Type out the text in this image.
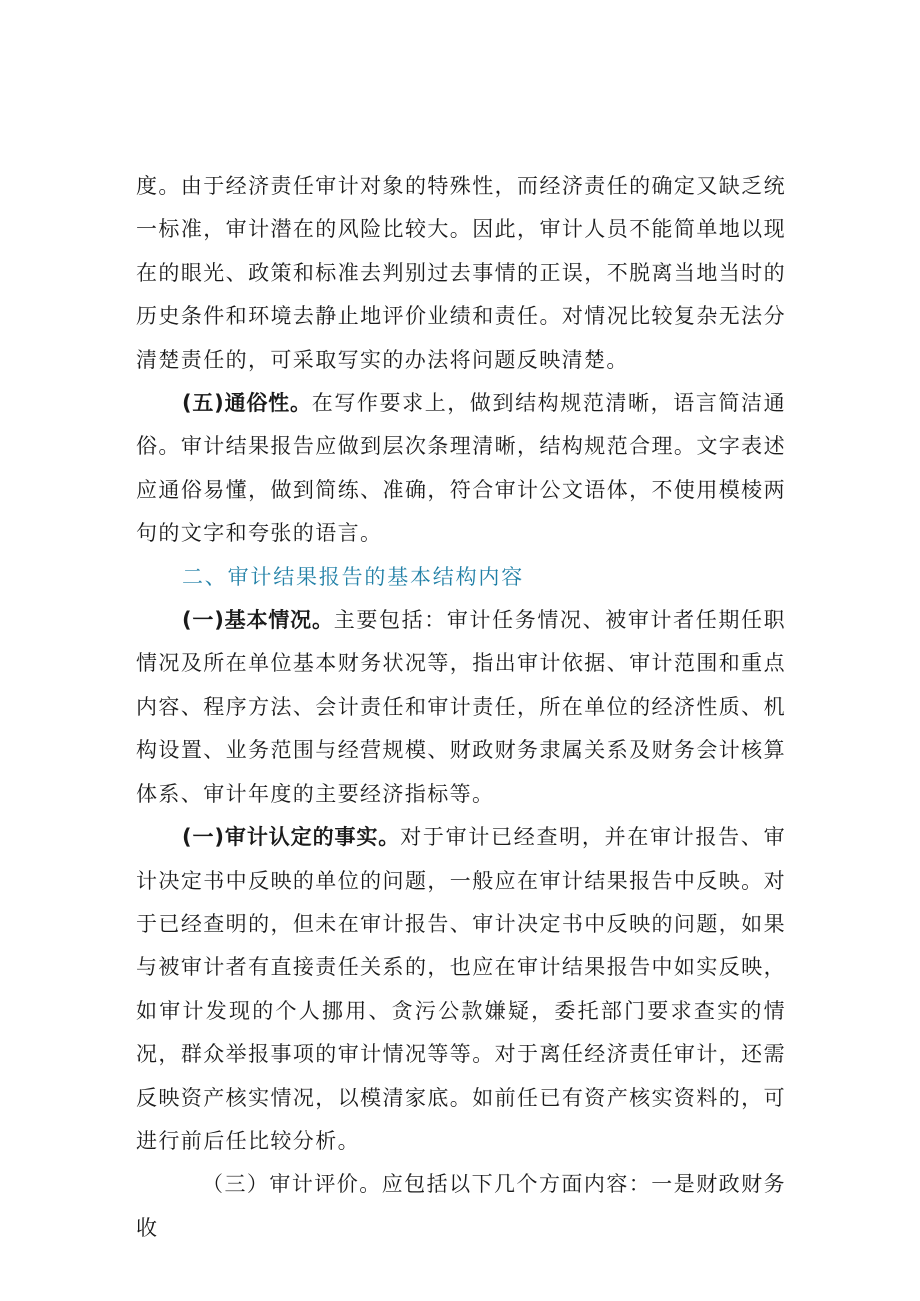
度。由于经济责任审计对象的特殊性，而经济责任的确定又缺乏统一标准，审计潜在的风险比较大。因此，审计人员不能简单地以现在的眼光、政策和标准去判别过去事情的正误，不脱离当地当时的历史条件和环境去静止地评价业绩和责任。对情况比较复杂无法分清楚责任的，可采取写实的办法将问题反映清楚。

(五)通俗性。在写作要求上，做到结构规范清晰，语言简洁通俗。审计结果报告应做到层次条理清晰，结构规范合理。文字表述应通俗易懂，做到简练、准确，符合审计公文语体，不使用模棱两句的文字和夸张的语言。

二、审计结果报告的基本结构内容

(一)基本情况。主要包括：审计任务情况、被审计者任期任职情况及所在单位基本财务状况等，指出审计依据、审计范围和重点内容、程序方法、会计责任和审计责任，所在单位的经济性质、机构设置、业务范围与经营规模、财政财务隶属关系及财务会计核算体系、审计年度的主要经济指标等。

(一)审计认定的事实。对于审计已经查明，并在审计报告、审计决定书中反映的单位的问题，一般应在审计结果报告中反映。对于已经查明的，但未在审计报告、审计决定书中反映的问题，如果与被审计者有直接责任关系的，也应在审计结果报告中如实反映，如审计发现的个人挪用、贪污公款嫌疑，委托部门要求查实的情况，群众举报事项的审计情况等等。对于离任经济责任审计，还需反映资产核实情况，以模清家底。如前任已有资产核实资料的，可进行前后任比较分析。

（三）审计评价。应包括以下几个方面内容：一是财政财务收
